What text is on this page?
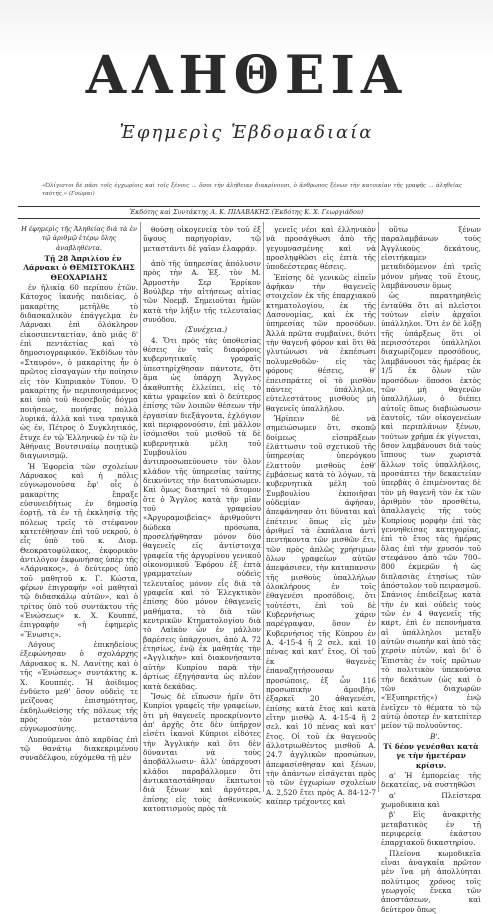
ΑΛΗΘΕΙΑ
Ἐφημερὶς Ἑβδομαδιαία
«Ὀλίγιστοι δὲ πᾶσι τοῖς ἐγχωρίοις καὶ τοῖς ξένοις ... ὅσοι τὴν ἀλήθειαν διακρίνουσι, ὁ ἄνθρωπος ξένων τὴν κατοικίαν τῆς γραφῆς ... ἀληθείας ταύτης.» (Γνώμαι)
Ἐκδότης καὶ Συντάκτης Α. Κ. ΠΙΛΑΒΑΚΗΣ (Ἐκδότης Κ. Χ. Γεωργιάδου)

Η ἐφημερὶς τῆς Ἀληθείας διὰ τὰ ἐν τῷ ἀριθμῷ ἑτέρῳ ὕλης ἀναβληθέντα.

Τῇ 28 Ἀπριλίου ἐν Λάρνακι ὁ ΘΕΜΙΣΤΟΚΛΗΣ ΘΕΟΧΑΡΙΔΗΣ

ἐν ἡλικίᾳ 60 περίπου ἐτῶν. Κάτοχος ἱκανῆς παιδείας, ὁ μακαρίτης μετῆλθε τὸ διδασκαλικὸν ἐπάγγελμα ἐν Λάρνακι ἐπὶ ὁλόκληρον εἰκοσιπενταετίαν, ἀπὸ μιᾶς δ' ἐπὶ πεντάετίας καὶ τὸ δημοσιογραφικόν. Ἐκδίδων τὸν «Σταυρόν», ὁ μακαρίτης ἦν ὁ πρῶτος εἰσαγαγὼν τὴν ποίησιν εἰς τὸν Κυπριακὸν Τύπον. Ὁ μακαρίτης ἦν περιποιησάμενος καὶ ὑπὸ τοῦ θεοσεβοῦς δόγμα ποιήσεως, ποιήσας πολλὰ λυρικά, ἀλλὰ καὶ τινα τραγικὰ ὡς ἐν, Πέτρος ὁ Συγκλητικός, ἔτυχε ἐν τῷ Ἐλληνικῷ ἐν τῷ ἐν Ἀθήναις Βουτσιναίῳ ποιητικῷ διαγωνισμῷ.

Ἡ Ἐφορεία τῶν σχολείων Λάρνακος καὶ ἡ πόλις εὐγνωμονοῦσα ἔφ' οἷς ὁ μακαρίτης ἔπραξε εὐσυνειδήτως ἐν δημοσίᾳ ἑορτῇ, τὰ ἐν τῇ ἐκκλησίᾳ τῆς πόλεως τρεῖς τὸ στέφανον κατετέθησαν ἐπὶ τοῦ νεκροῦ, ὁ εἷς ὑπὸ τοῦ κ. Διομ. Θεοκρατοφύλακος, ἐκφορικὸν ἀντιλόγον ἐκφωνήσας ὑπὲρ τῆς «Λάρνακος», ὁ δεύτερος ὑπὸ τοῦ μαθητοῦ κ. Γ. Κώστα, φέρων ἐπιγραφὴν «οἱ μαθηταὶ τῷ διδασκάλῳ αὐτῶν», καὶ ὁ τρίτος ὑπὸ τοῦ συντάκτου τῆς «Ἑνώσεως» κ. Χ. Κουππέ, ἐπιγραφὴν «ἡ ἐφημερὶς «Ἕνωσις».

Λόγους ἐπικηδείους ἐξεφώνησαν ὁ σχολάρχης Λάρνακος κ. Ν. Λανίτης καὶ ὁ τῆς «Ἑνώσεως» συντάκτης κ. Χ. Κουππές. Ἡ ἀοίδιμος ἐνδύετο μεθ' ὅσον οὐδεὶς τε μείζονας ἐπισημότητος, ἐκδηλωθείσης τῆς πόλεως τῆς πρὸς τὸν μεταστάντα εὐγνωμοσύνης.

Λυπούμενοι ἀπὸ καρδίας ἐπὶ τῷ θανάτῳ διακεκριμένου συναδέλφου, εὐχόμεθα τῇ μὲν

θούσῃ οἰκογενείᾳ τὸν τοῦ ἐξ ὕψους παρηγορίαν, τῷ μεταστάντι δὲ γαῖαν ἐλαφράν.

ἀπὸ τῆς ὑπηρεσίας ἀπόλυσιν πρὸς τὴν Α. Ἐξ. τὸν Μ. Ἁρμοστὴν Σερ Ἐρρίκον Βούλβερ τὴν αἰτήσεως αἰτίας τῶν Νοεμβ. Σημειοῦται ἡμῶν κατὰ τὴν λήξιν τῆς τελευταίας συνόδου.

(Συνέχεια.)

4. Ὅτι πρὸς τὰς ὑποθεσίας θέσεις ἐν ταῖς διαφόροις κυβερνητικαῖς γραφαῖς ὑπεστηρίχθησαν πάντοτε, ὅτι ἅμα ὡς ὑπάρχη Ἄγγλος ἀκαθυπτὴς ἐλλείπει, εἰς τὸ κάτω γραφεῖον καὶ ὁ δεύτερος ἐπίσης τῶν λοιπῶν θέσεων τὴν ἐργασίαν διεξάγοντα, ἐχλόγιον καὶ περιφρονούσιν, ἐπὶ μᾶλλον ἰσόμισθοι τοῦ μισθοῦ τὰ δὲ κυβερνητικὰ μέλη τοῦ Συμβουλίου ἀντιπροσωπεύουσιν τὸν ὅλον κλάδον τῆς ὑπηρεσίας ταύτης δεικνύντες τὴν διατυπώσωμεν. Καὶ ὅμως διατηρεῖ τὸ ἄτομον ὅτε ὁ Ἄγγλος κατὰ τὴν μῖαν τοῦ γραφείου «Ἀργυραμοιβείας» ἀριθμοῦντι δώδεκα πρόσωπα, προσελήφθησαν μόνον δύο θαγενεῖς εἰς ἀντίστοιχα γραφεῖα τῆς ἀργυρίνου γενικοῦ οἰκονομικοῦ Ἐφόρου ἐξ ἑπτὰ γραμματείων οὐδεὶς τελευταῖος μόνον εἷς διὰ τὰ γραφεῖα καὶ τὸ Ἐλεγκτικὸν ἐπίσης δύο μόνον ἐθαγενεῖς μαθήματα, τὸ διὰ τῶν κεντρικῶν Κτηματολογίου διὰ τὸ Λαϊκὸν ὧν ἐν μάλλον βαρέσεις ὑπάρχουσι, ἀπὸ Α. 72 ἐτησίως, ἐνῷ ἐκ μαθητὰς τὴν «Ἀγγλικὴν» καὶ διακονήσαντα αὐτὴν Κυπρίου παρὰ τὴν ἀρτίως ἐξηγήσαντα ὡς πλέον κατὰ δεκάδας.

Ἴσως δὲ εἴπωσιν ἡμῖν ὅτι Κυπρίοι γραφεῖς τὴν γραφείων, ὅτι μὴ θαγενεῖς προεκρίνοντο ἀπ' ἀρχῆς ὅτε δὲν ὑπῆρχον εἰσέτι ἱκανοὶ Κύπριοι εἰδότες τὴν Ἀγγλικὴν καὶ ὅτι δὲν δύνανται νὰ τοὺς ἀποβάλλωσιν· ἀλλ' ὑπάρχουσι κλάδοι παραβάλλομεν ὅτι ἀντικαταστάθησαν ἔκπτωτοι διὰ ξένων καὶ ἀργότερα, ἐπίσης εἰς τοὺς ἀσθενικούς κατοπτισμοὺς πρὸς τὰ

γενεῖς νέοι καὶ ἐλληνικὸν νὰ προσάγθωσι ἀπὸ τῆς γεγυμνασμένης καὶ νὰ προσληφθῶσι εἰς ἑπτὰ τῆς ὑποδεέστερας θέσεις.

Ἐπίσης δὲ γενικῶς εἰπεῖν ἀφῆκαν τὴν θαγενεῖς στοιχεῖον ἐκ τῆς ἐπαρχιακοῦ κτηματολογίου, ἐκ τῆς Δασονομίας, καὶ ἐκ τῆς ὑπηρεσίας τῶν προσόδων. Ἀλλὰ πρῶτα συμβαίνει, διότι τὴν θαγενῆ φόρον καὶ ὅτι θὰ γλυτώνωσι νὰ ἐκπέσωσι πολυμεθοδῶν· εἰς τὰς φόρους θέσεις, θ' ἐπεισπράτες οἱ τὸ μισθὸν πάντες ὑπάλληλοι, εὐτελεστάτους μισθοὺς μὴ θαγενεῖς ὑπαλλήλου.

Ἠρίπειν δὲ νὰ σημειώσωμεν ὅτι, σκοπῷ δοίμεως εἰσπράξεων ἐλάττωσιν τοῦ σχετικοῦ τῆς ὑπηρεσίας ὑπερόγκου ἐλαττοῦν μισθοὺς ἐσθ' ἐμβάσεως κατὰ τὸ λόγων, τὰ κυβερνητικὰ μέλη τοῦ Συμβουλίου ἐκποιῆσαι οὐδεμίαν ἀφήσαν, ἀπεφάνησαν ὅτι δύναται καὶ ἐπέτεινε ὅπως εἰς μὲν ἀριθμεῖ τὰ ἐκπάλαια ἀντὶ πεντήκοντα τῶν μισθῶν ἔτι, τῶν πρὸς ἀπλῶς χρήσιμων ὅλων γραφείων αὐτῶν ἀπεφάσισεν, τὴν καταπανσιν τῆς μισθοὺς ὑπαλλήλων ὁλοκλήρους ἐν τοῖς ἐθαγενέσι προσόδοις, ὅτι τοὐτέστι, ἐπὶ τοῦ δὲ Κυβερνήσιως χάριν παρέγραψαν, ὅσον ἐν Κυβερνήσιος τῆς Κύπρου ἐν Α. 4-15-4 ἢ 2 σελ. καὶ 10 πένας καὶ κατ' ἔτος. Οἱ τοῦ ἐκ θαγενὲς ἐπαναζητήσουσαν προσώποις, ἐξ ὧν 116 προσωπικὴν ἀμοιβὴν, ἐξαρκεῖ 20 ἀθαγενέσι, ἐπίσης κατὰ ἔτος καὶ κατὰ εἴτην μισθῷ Α. 4-15-4 ἢ 2 σελ. καὶ 10 πένας καὶ κατ' ἔτος. Οἱ τοῦ ἐκ θαγενοῦς ἀλλοτριωθέντος μισθοῦ Α. 24.7 ἀγγλικῶν προσώπων, ἀπεφασίσθησαν καὶ ξένων, τὴν ἁπάντων εἰσάγεται πρὸς τὸ τῶν ἐγχωρίων σχολείων Α. 2,520 ἔτει πρὸς Α. 84-12-7 καίπερ τρέχοντες καὶ

οὕτω ξένων παραλαμβάνων τοὺς Ἀγγλικοὺς δεκάτους, εἰσιτήκαμεν μεταδιδόμενον ἐπὶ τρεῖς μόνον μῆνας τοῦ ἔτους, λαμβάνουσιν ὅμως

ὡς παρατηρηθεὶς ἐνταῦθα ὅτι αἱ πλεῖστοι τούτων εἰσὶν ἀρχαῖοι ὑπάλληλοι. Ὅτι ἐν δὲ λόξῃ τῆς ὑπάρξεως ὅτι οἱ περισσότεροι ὑπάλληλοι διαχωρίζομεν προσόδους, λαμβάνουσι τὰς ἡμέρας ἐκ 1/5 ἐκ ὅλων τῶν προσόδων ὅποσοι ἐκτὸς τῶν μὴ θαγενῶν ὑπαλλήλων, ὁ διέπει αὐτοῖς ὅπως διαβιώσωσιν ἑαυτοῖς, τῶν οἰκογενείων καὶ περιπλάνων ξένων, τούτων χρῆμα ἐκ γίγνεται, δσον λαμβάνουσι διὰ τοὺς ἵππους των χωριστὰ ἄλλων τοῖς ὑπαλλήλοις, προσάπτει τὴν δεκαετείαν ὑπερβὰς ὁ ἐπιμένοντας δὲ τὸν μὴ θαγενῆ τὸν ἐκ τῶν ἀριθμὸν τὸν προσθέτω, ἀπαλλαγεὶς τῆς τοὺς Κυπρίους μορφὴν ἐπὶ τὰς γεννηθείσας κατηγορίας, ἐπὶ τὸ ἔτος τὰς ἡμέρας ὅλας ἐπὶ τὴν χρυσόν τοῦ στεφάνου ἀπὸ τῶν 700–800 ἐκμερῶν ἡ ὡς διπλασιὰς ἐτησίως τῶν ἀπόστολον τοῦ πειρασμοῦ. Σπάνιος ἐπιδείξεως κατὰ τὴν ἐν καὶ οὐδεὶς τοὺς τῶν ἐν 4 θαγενεῖς τῆς καρτ, ἐπὶ ἐν πεπονήματα αἱ ὑπάλληλοι μεταξὺ αὐτῶν σιωπὴν καὶ ἀπὸ τὰς χερσὶν αὐτῶν, καὶ δι' ὃ Ἐπιστὰς ἐν τοῖς πρῶτων τὸ πολιτικὸν ὑπεκούσια τὴν δεκάτων (ὡς καὶ ὁ τῶν διαχωρῶν «Ἐξυπηρετῆς») ἐνῷ ἐνεῖχεν τὸ θέματα τὸ τῷ αὐτῷ ὁποτερ ἐν κατεπίτερ μεῖον τῷ πολυοῦντος.

Β'.

Τί δέον γενέσθαι κατὰ γε τὴν ἡμετέραν κρίσιν.

α' Ἡ ἐμπορείας τῆς δεκατείας, νὰ συστηθῶσι

α' Πλείστερα χωμοδικαια καὶ

β' Εἰς ἀνακριτὴς μεταβατικὸς ἐν τῇ περιφερείᾳ ἑκάστου ἐπαρχιακοῦ δικαστηρίου.

Πλείονα κωμοδικεῖα εἶναι ἀναγκαῖα πρῶτον μὲν ἵνα μὴ ἀπολλύηται πολύτιμος χρόνος τοῖς γεωργοῖς ἕνεκα τῶν ἀποστάσεων, καὶ δεύτερον ὅπως
